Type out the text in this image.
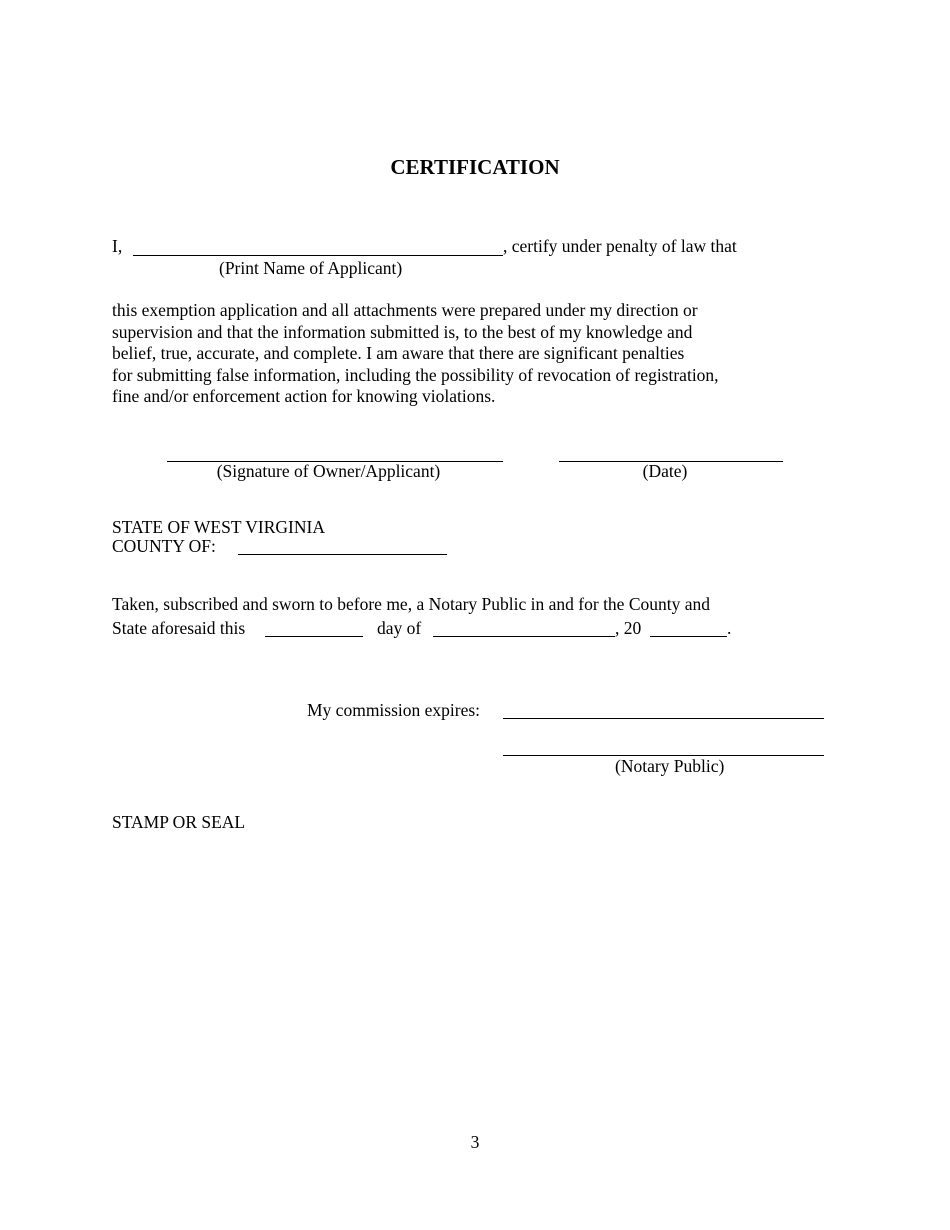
CERTIFICATION
I,	, certify under penalty of law that
(Print Name of Applicant)
this exemption application and all attachments were prepared under my direction or
supervision and that the information submitted is, to the best of my knowledge and
belief, true, accurate, and complete. I am aware that there are significant penalties
for submitting false information, including the possibility of revocation of registration,
fine and/or enforcement action for knowing violations.
(Signature of Owner/Applicant)	(Date)
STATE OF WEST VIRGINIA
COUNTY OF:
Taken, subscribed and sworn to before me, a Notary Public in and for the County and
State aforesaid this	day of	, 20	.
My commission expires:
(Notary Public)
STAMP OR SEAL
3
